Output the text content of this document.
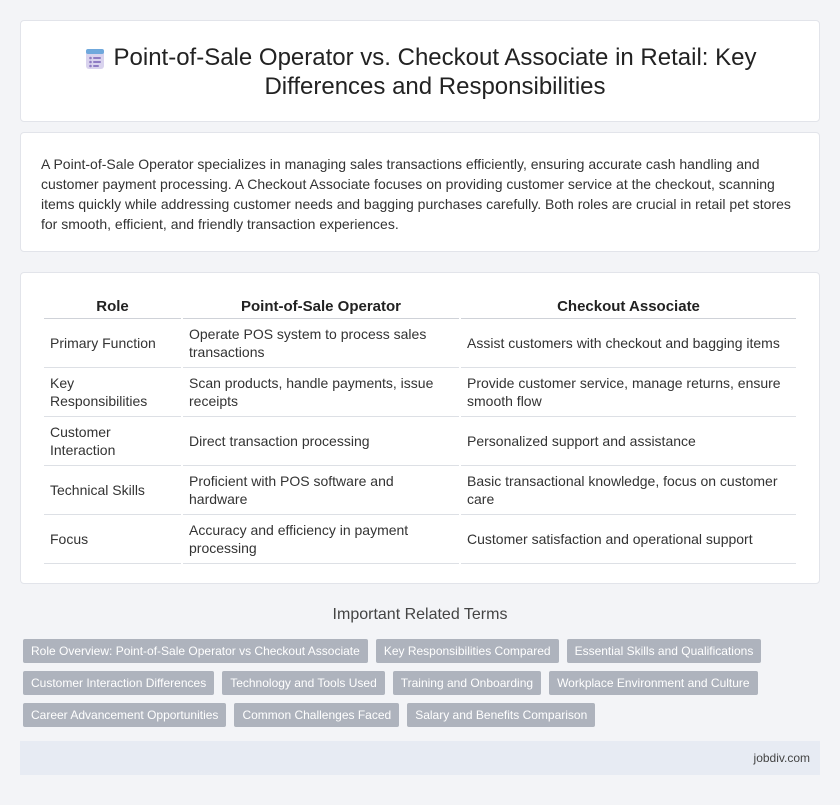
Point-of-Sale Operator vs. Checkout Associate in Retail: Key Differences and Responsibilities

A Point-of-Sale Operator specializes in managing sales transactions efficiently, ensuring accurate cash handling and customer payment processing. A Checkout Associate focuses on providing customer service at the checkout, scanning items quickly while addressing customer needs and bagging purchases carefully. Both roles are crucial in retail pet stores for smooth, efficient, and friendly transaction experiences.

Role	Point-of-Sale Operator	Checkout Associate
Primary Function	Operate POS system to process sales transactions	Assist customers with checkout and bagging items
Key Responsibilities	Scan products, handle payments, issue receipts	Provide customer service, manage returns, ensure smooth flow
Customer Interaction	Direct transaction processing	Personalized support and assistance
Technical Skills	Proficient with POS software and hardware	Basic transactional knowledge, focus on customer care
Focus	Accuracy and efficiency in payment processing	Customer satisfaction and operational support
Important Related Terms
Role Overview: Point-of-Sale Operator vs Checkout Associate	Key Responsibilities Compared	Essential Skills and Qualifications
Customer Interaction Differences	Technology and Tools Used	Training and Onboarding	Workplace Environment and Culture
Career Advancement Opportunities	Common Challenges Faced	Salary and Benefits Comparison
jobdiv.com
